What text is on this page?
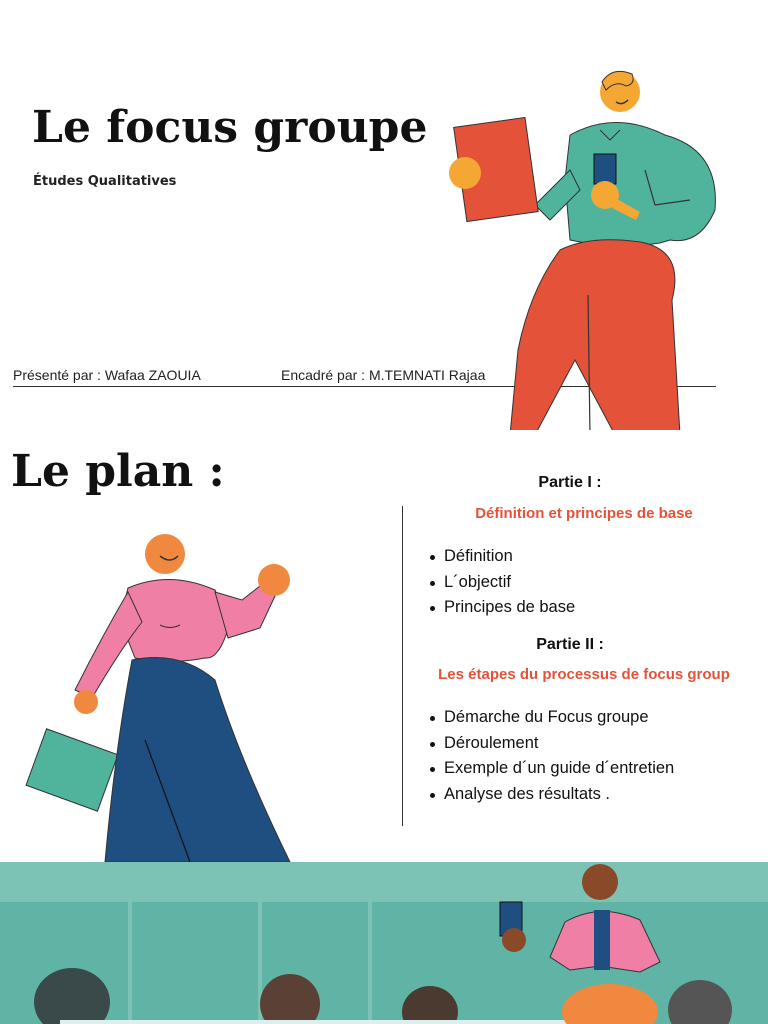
Le focus groupe
Études Qualitatives
Présenté par : Wafaa ZAOUIA	Encadré par : M.TEMNATI Rajaa
Le plan :	Partie I :
Définition et principes de base
Définition
L´objectif
Principes de base
Partie II :
Les étapes du processus de focus group
Démarche du Focus groupe
Déroulement
Exemple d´un guide d´entretien
Analyse des résultats .
